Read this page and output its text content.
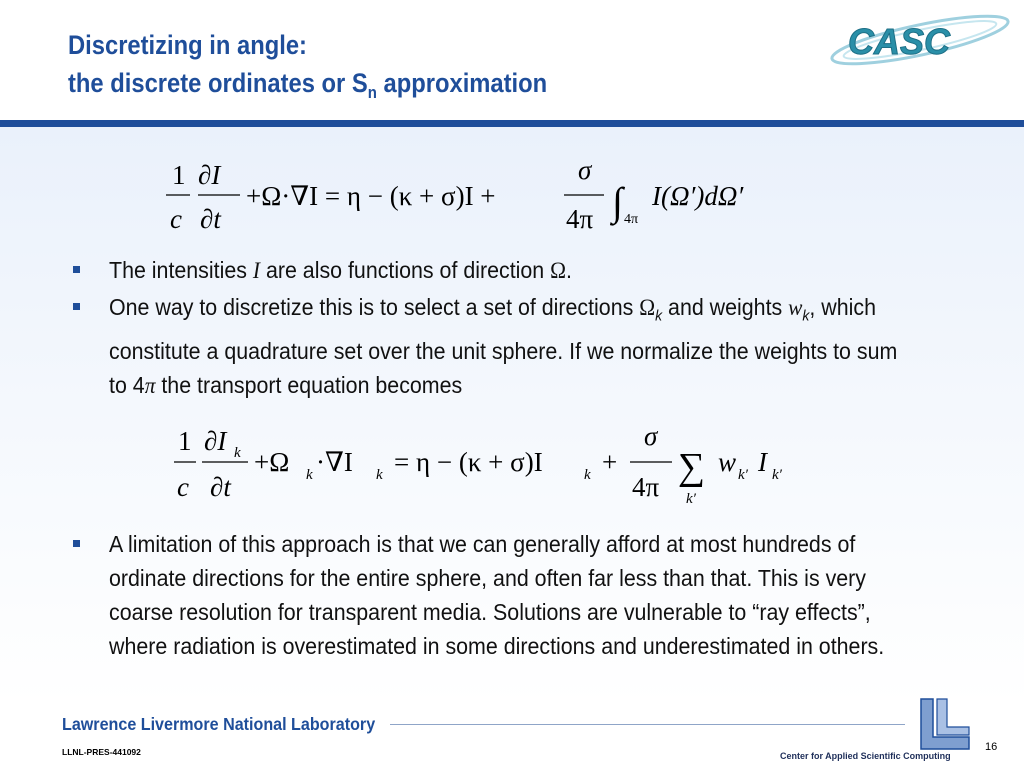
Discretizing in angle:
the discrete ordinates or $S_n$ approximation
CASC
1
c
∂I
∂t
+Ω·∇I = η − (κ + σ)I +
σ
4π ∫ 4π
I(Ω′)dΩ′
The intensities I are also functions of direction Ω.
One way to discretize this is to select a set of directions $\Omega_k$ and weights $w_k$, which constitute a quadrature set over the unit sphere. If we normalize the weights to sum to 4π the transport equation becomes
1
c
∂I k
∂t
+Ω k ·∇I k = η − (κ + σ)I	k +
σ
4π ∑
k′
w k′ I k′
A limitation of this approach is that we can generally afford at most hundreds of ordinate directions for the entire sphere, and often far less than that. This is very coarse resolution for transparent media. Solutions are vulnerable to “ray effects”, where radiation is overestimated in some directions and underestimated in others.
Lawrence Livermore National Laboratory
LLNL-PRES-441092	Center for Applied Scientific Computing
16
